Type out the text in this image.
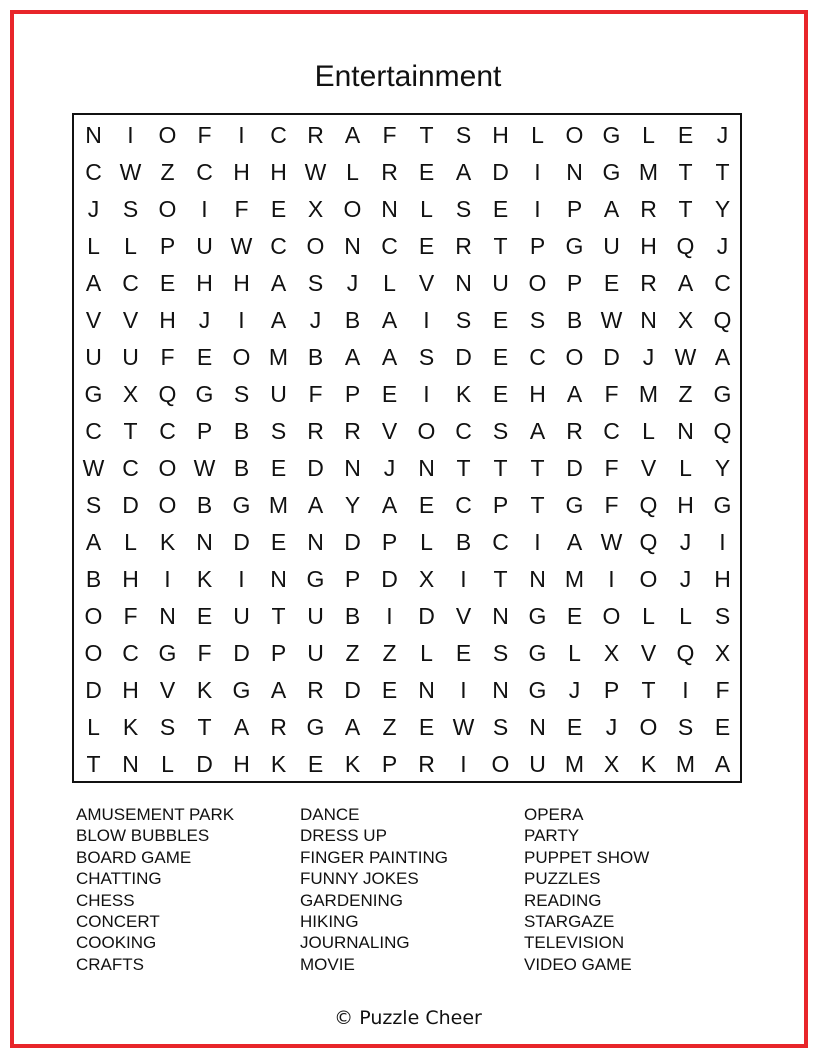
Entertainment
N	I	O F	I	C R A F T S H L O G L E	J
C W Z C H H W L R E A D	I	N G M T T
J	S O	I	F E X O N L S E	I	P A R T Y
L	L P U W C O N C E R T P G U H Q J
A C E H H A S	J	L V N U O P E R A C
V V H J	I	A	J	B A	I	S E S B W N X Q
U U F E O M B A A S D E C O D J W A
G X Q G S U F P E	I	K E H A F M Z G
C T C P B S R R V O C S A R C L N Q
W C O W B E D N J N T T T D F V L Y
S D O B G M A Y A E C P T G F Q H G
A L K N D E N D P L B C	I	A W Q J	I
B H	I	K	I	N G P D X	I	T N M	I	O J H
O F N E U T U B	I	D V N G E O L	L S
O C G F D P U Z Z	L E S G L X V Q X
D H V K G A R D E N	I	N G J	P T	I	F
L K S T A R G A Z E W S N E	J O S E
T N L D H K E K P R	I	O U M X K M A
AMUSEMENT PARK
BLOW BUBBLES
BOARD GAME
CHATTING
CHESS
CONCERT
COOKING
CRAFTS
DANCE
DRESS UP
FINGER PAINTING
FUNNY JOKES
GARDENING
HIKING
JOURNALING
MOVIE
OPERA
PARTY
PUPPET SHOW
PUZZLES
READING
STARGAZE
TELEVISION
VIDEO GAME
© Puzzle Cheer
